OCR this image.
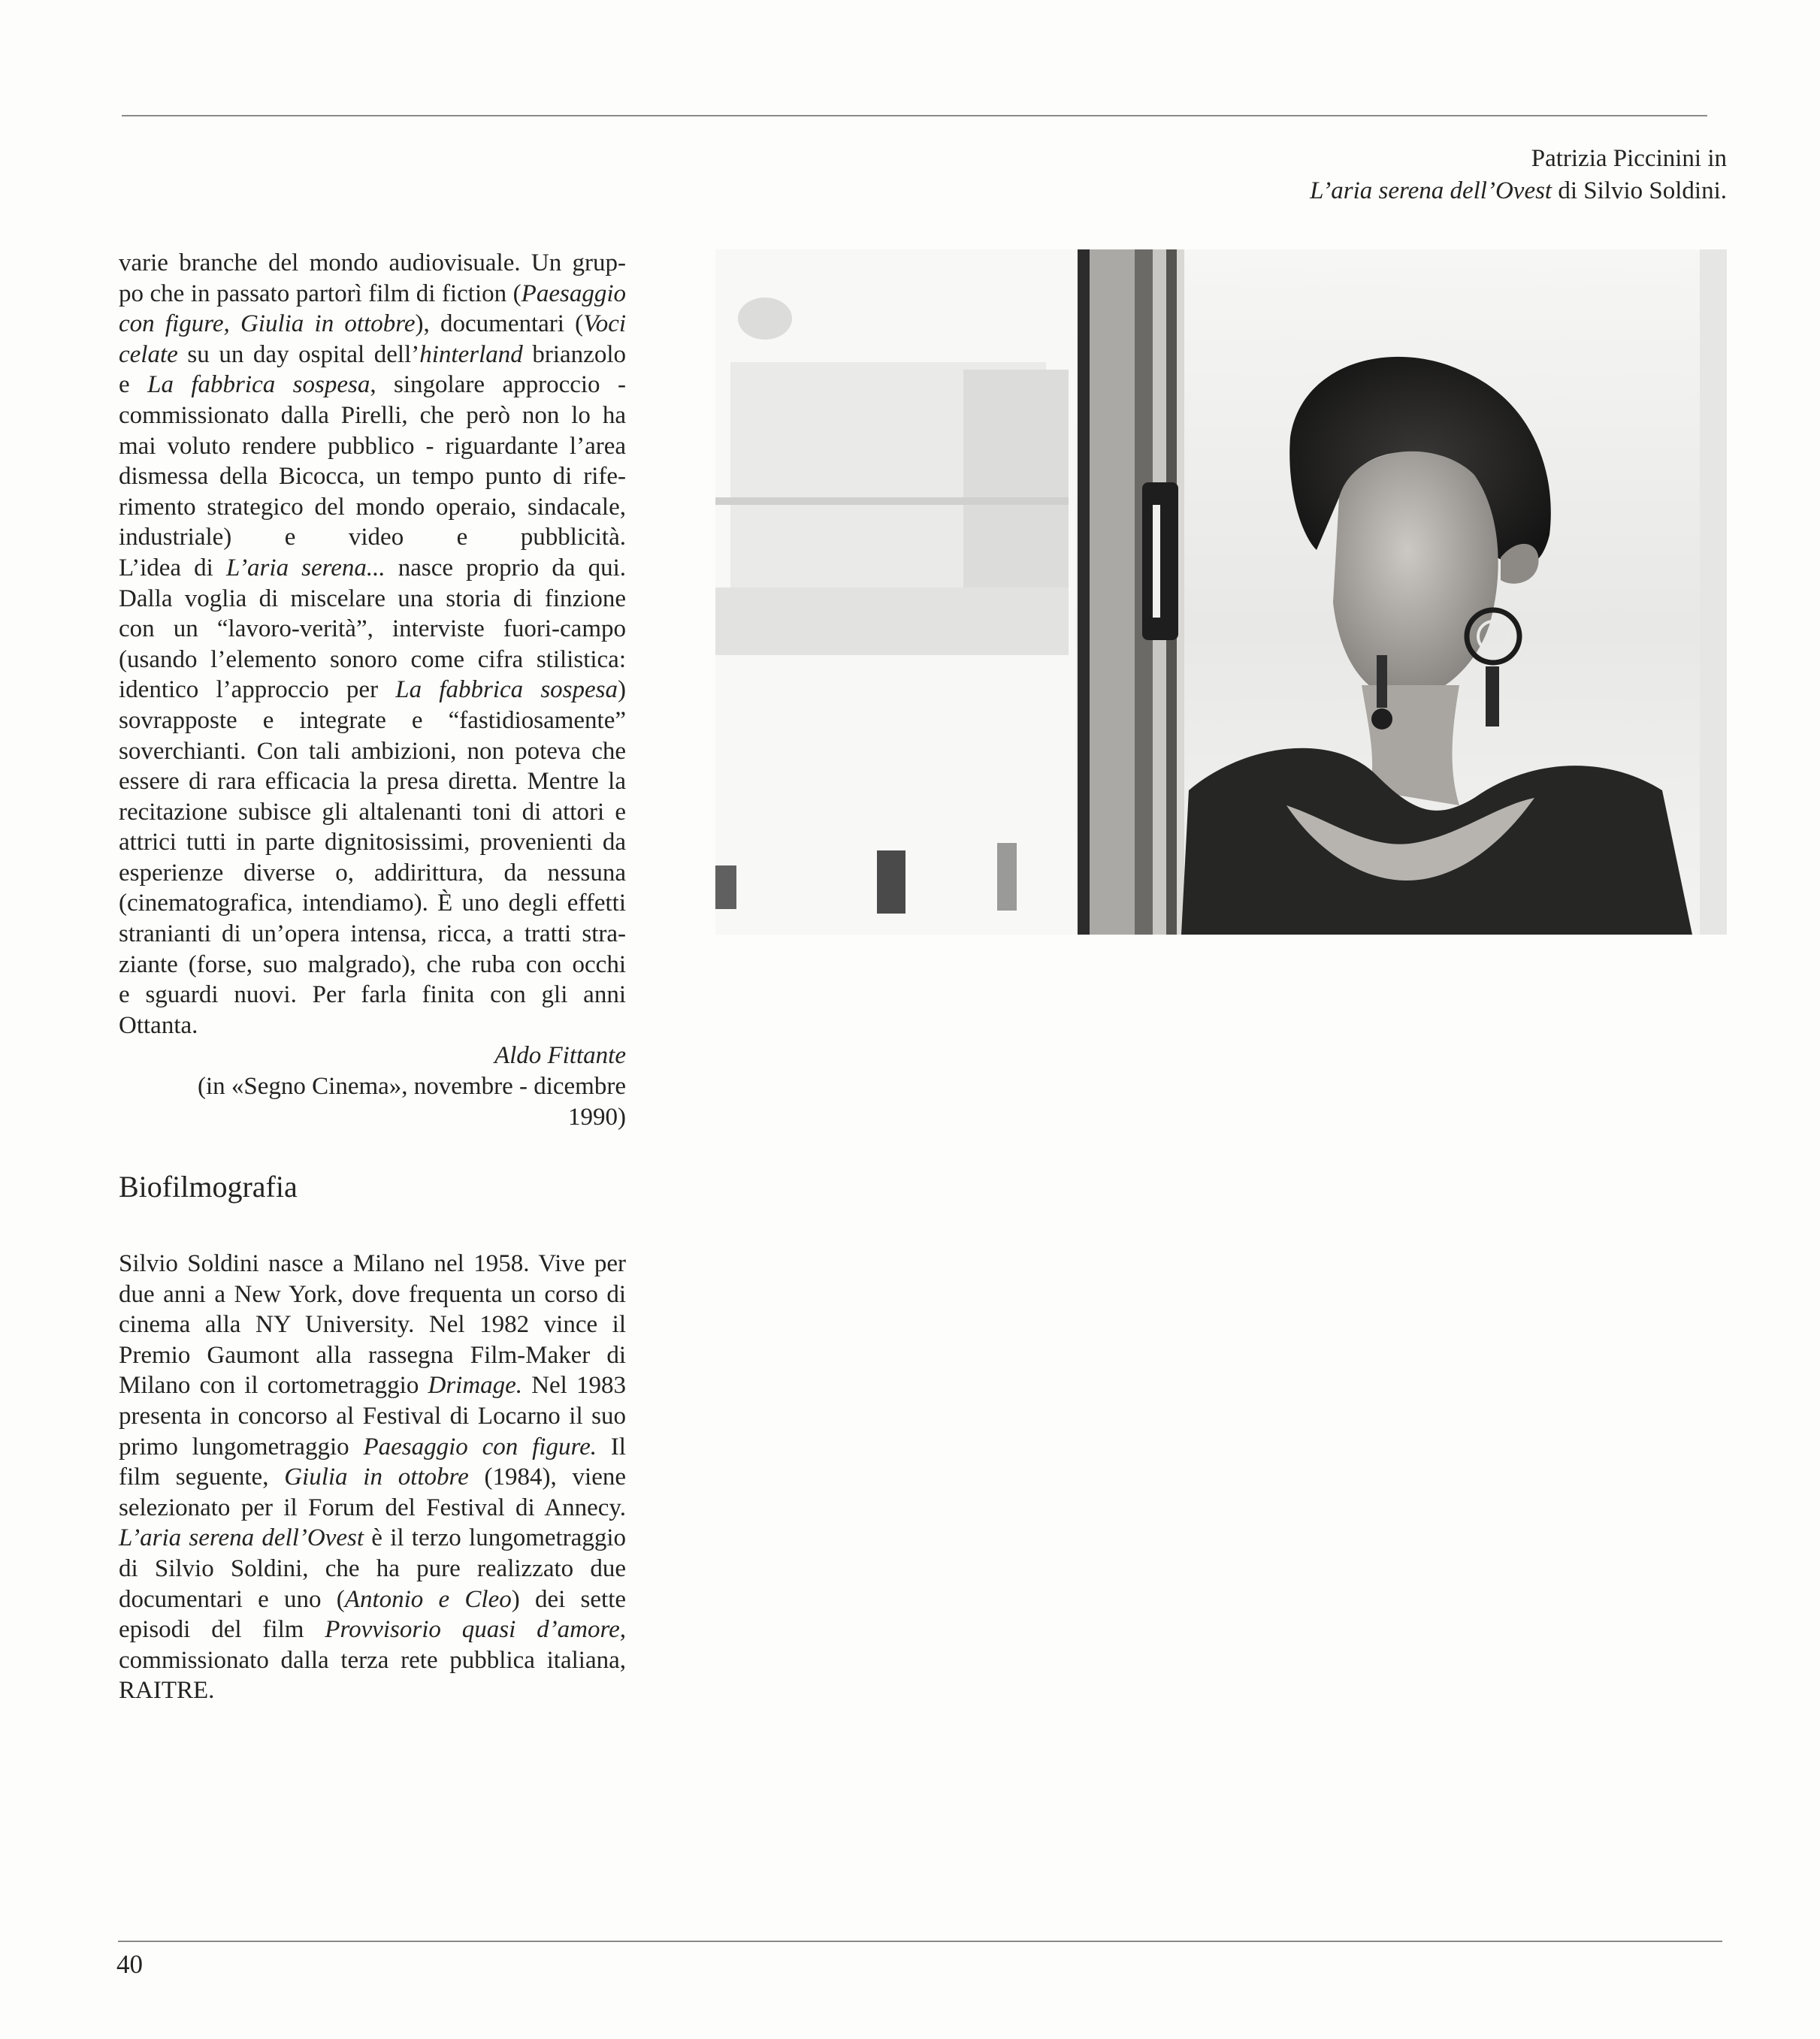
Patrizia Piccinini in
L’aria serena dell’Ovest di Silvio Soldini.
varie branche del mondo audiovisuale. Un grup-
po che in passato partorì film di fiction (Paesaggio
con figure, Giulia in ottobre), documentari (Voci
celate su un day ospital dell’hinterland brianzolo
e La fabbrica sospesa, singolare approccio -
commissionato dalla Pirelli, che però non lo ha
mai voluto rendere pubblico - riguardante l’area
dismessa della Bicocca, un tempo punto di rife-
rimento strategico del mondo operaio, sindacale,
industriale) e video e pubblicità.
L’idea di L’aria serena... nasce proprio da qui.
Dalla voglia di miscelare una storia di finzione
con un “lavoro-verità”, interviste fuori-campo
(usando l’elemento sonoro come cifra stilistica:
identico l’approccio per La fabbrica sospesa)
sovrapposte e integrate e “fastidiosamente”
soverchianti. Con tali ambizioni, non poteva che
essere di rara efficacia la presa diretta. Mentre la
recitazione subisce gli altalenanti toni di attori e
attrici tutti in parte dignitosissimi, provenienti da
esperienze diverse o, addirittura, da nessuna
(cinematografica, intendiamo). È uno degli effetti
stranianti di un’opera intensa, ricca, a tratti stra-
ziante (forse, suo malgrado), che ruba con occhi
e sguardi nuovi. Per farla finita con gli anni
Ottanta.
Aldo Fittante
(in «Segno Cinema», novembre - dicembre
1990)
Biofilmografia
Silvio Soldini nasce a Milano nel 1958. Vive per
due anni a New York, dove frequenta un corso di
cinema alla NY University. Nel 1982 vince il
Premio Gaumont alla rassegna Film-Maker di
Milano con il cortometraggio Drimage. Nel 1983
presenta in concorso al Festival di Locarno il suo
primo lungometraggio Paesaggio con figure. Il
film seguente, Giulia in ottobre (1984), viene
selezionato per il Forum del Festival di Annecy.
L’aria serena dell’Ovest è il terzo lungometraggio
di Silvio Soldini, che ha pure realizzato due
documentari e uno (Antonio e Cleo) dei sette
episodi del film Provvisorio quasi d’amore,
commissionato dalla terza rete pubblica italiana,
RAITRE.
40
